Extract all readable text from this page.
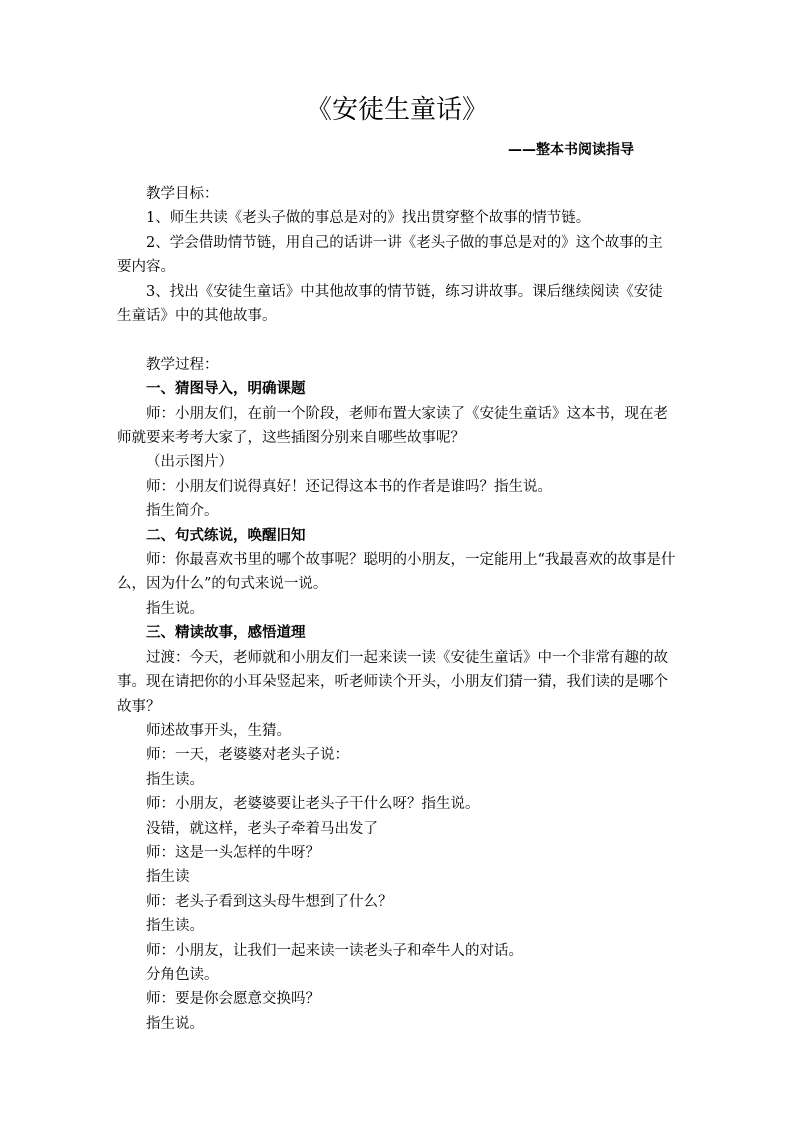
《安徒生童话》
——整本书阅读指导

教学目标：

1、师生共读《老头子做的事总是对的》找出贯穿整个故事的情节链。

2、学会借助情节链，用自己的话讲一讲《老头子做的事总是对的》这个故事的主要内容。

3、找出《安徒生童话》中其他故事的情节链，练习讲故事。课后继续阅读《安徒生童话》中的其他故事。

教学过程：

一、猜图导入，明确课题

师：小朋友们，在前一个阶段，老师布置大家读了《安徒生童话》这本书，现在老师就要来考考大家了，这些插图分别来自哪些故事呢？

（出示图片）

师：小朋友们说得真好！还记得这本书的作者是谁吗？指生说。

指生简介。

二、句式练说，唤醒旧知

师：你最喜欢书里的哪个故事呢？聪明的小朋友，一定能用上“我最喜欢的故事是什么，因为什么”的句式来说一说。

指生说。

三、精读故事，感悟道理

过渡：今天，老师就和小朋友们一起来读一读《安徒生童话》中一个非常有趣的故事。现在请把你的小耳朵竖起来，听老师读个开头，小朋友们猜一猜，我们读的是哪个故事？

师述故事开头，生猜。

师：一天，老婆婆对老头子说：

指生读。

师：小朋友，老婆婆要让老头子干什么呀？指生说。

没错，就这样，老头子牵着马出发了

师：这是一头怎样的牛呀？

指生读

师：老头子看到这头母牛想到了什么？

指生读。

师：小朋友，让我们一起来读一读老头子和牵牛人的对话。

分角色读。

师：要是你会愿意交换吗？

指生说。
